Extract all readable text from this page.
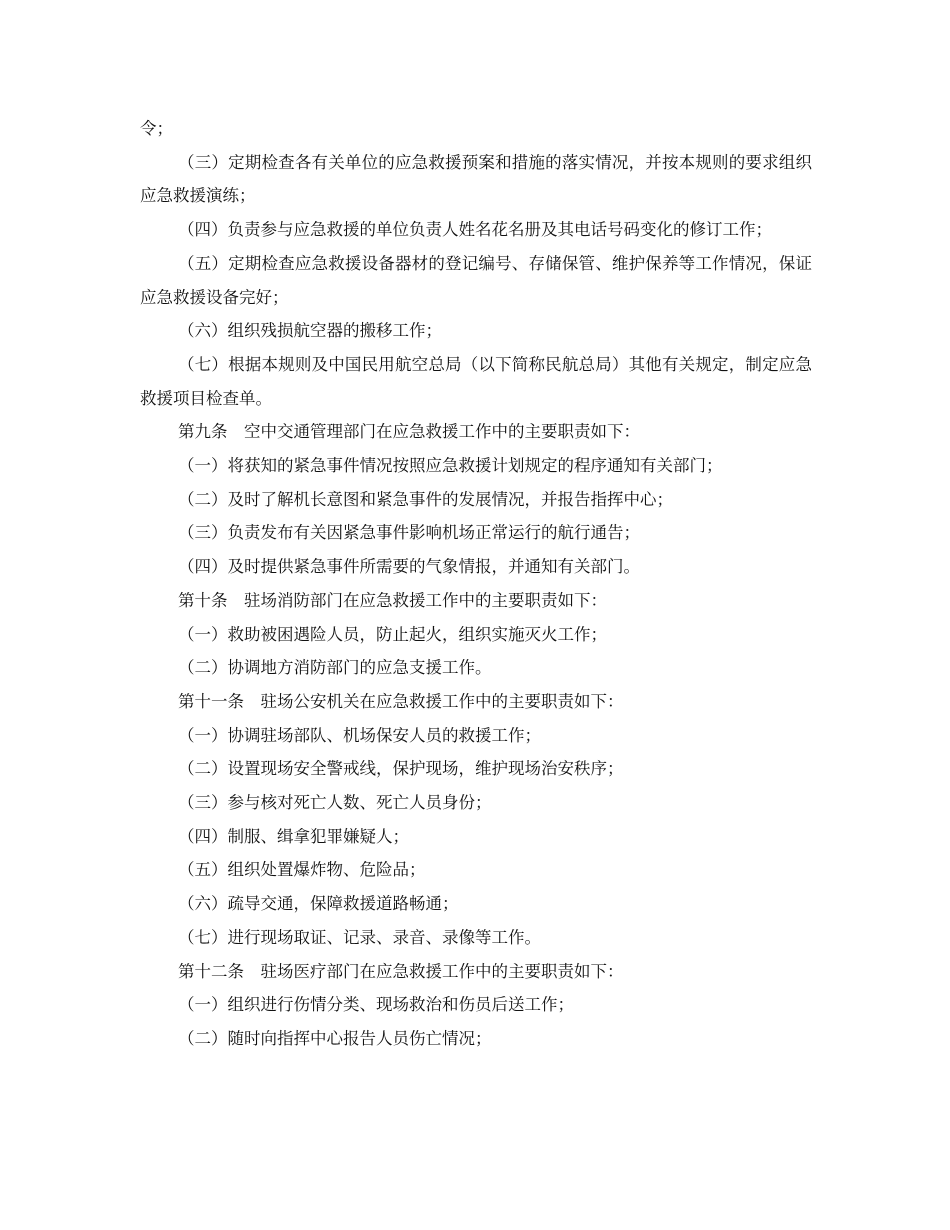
令；

（三）定期检查各有关单位的应急救援预案和措施的落实情况，并按本规则的要求组织应急救援演练；

（四）负责参与应急救援的单位负责人姓名花名册及其电话号码变化的修订工作；

（五）定期检查应急救援设备器材的登记编号、存储保管、维护保养等工作情况，保证应急救援设备完好；

（六）组织残损航空器的搬移工作；

（七）根据本规则及中国民用航空总局（以下简称民航总局）其他有关规定，制定应急救援项目检查单。

第九条　空中交通管理部门在应急救援工作中的主要职责如下：

（一）将获知的紧急事件情况按照应急救援计划规定的程序通知有关部门；

（二）及时了解机长意图和紧急事件的发展情况，并报告指挥中心；

（三）负责发布有关因紧急事件影响机场正常运行的航行通告；

（四）及时提供紧急事件所需要的气象情报，并通知有关部门。

第十条　驻场消防部门在应急救援工作中的主要职责如下：

（一）救助被困遇险人员，防止起火，组织实施灭火工作；

（二）协调地方消防部门的应急支援工作。

第十一条　驻场公安机关在应急救援工作中的主要职责如下：

（一）协调驻场部队、机场保安人员的救援工作；

（二）设置现场安全警戒线，保护现场，维护现场治安秩序；

（三）参与核对死亡人数、死亡人员身份；

（四）制服、缉拿犯罪嫌疑人；

（五）组织处置爆炸物、危险品；

（六）疏导交通，保障救援道路畅通；

（七）进行现场取证、记录、录音、录像等工作。

第十二条　驻场医疗部门在应急救援工作中的主要职责如下：

（一）组织进行伤情分类、现场救治和伤员后送工作；

（二）随时向指挥中心报告人员伤亡情况；
